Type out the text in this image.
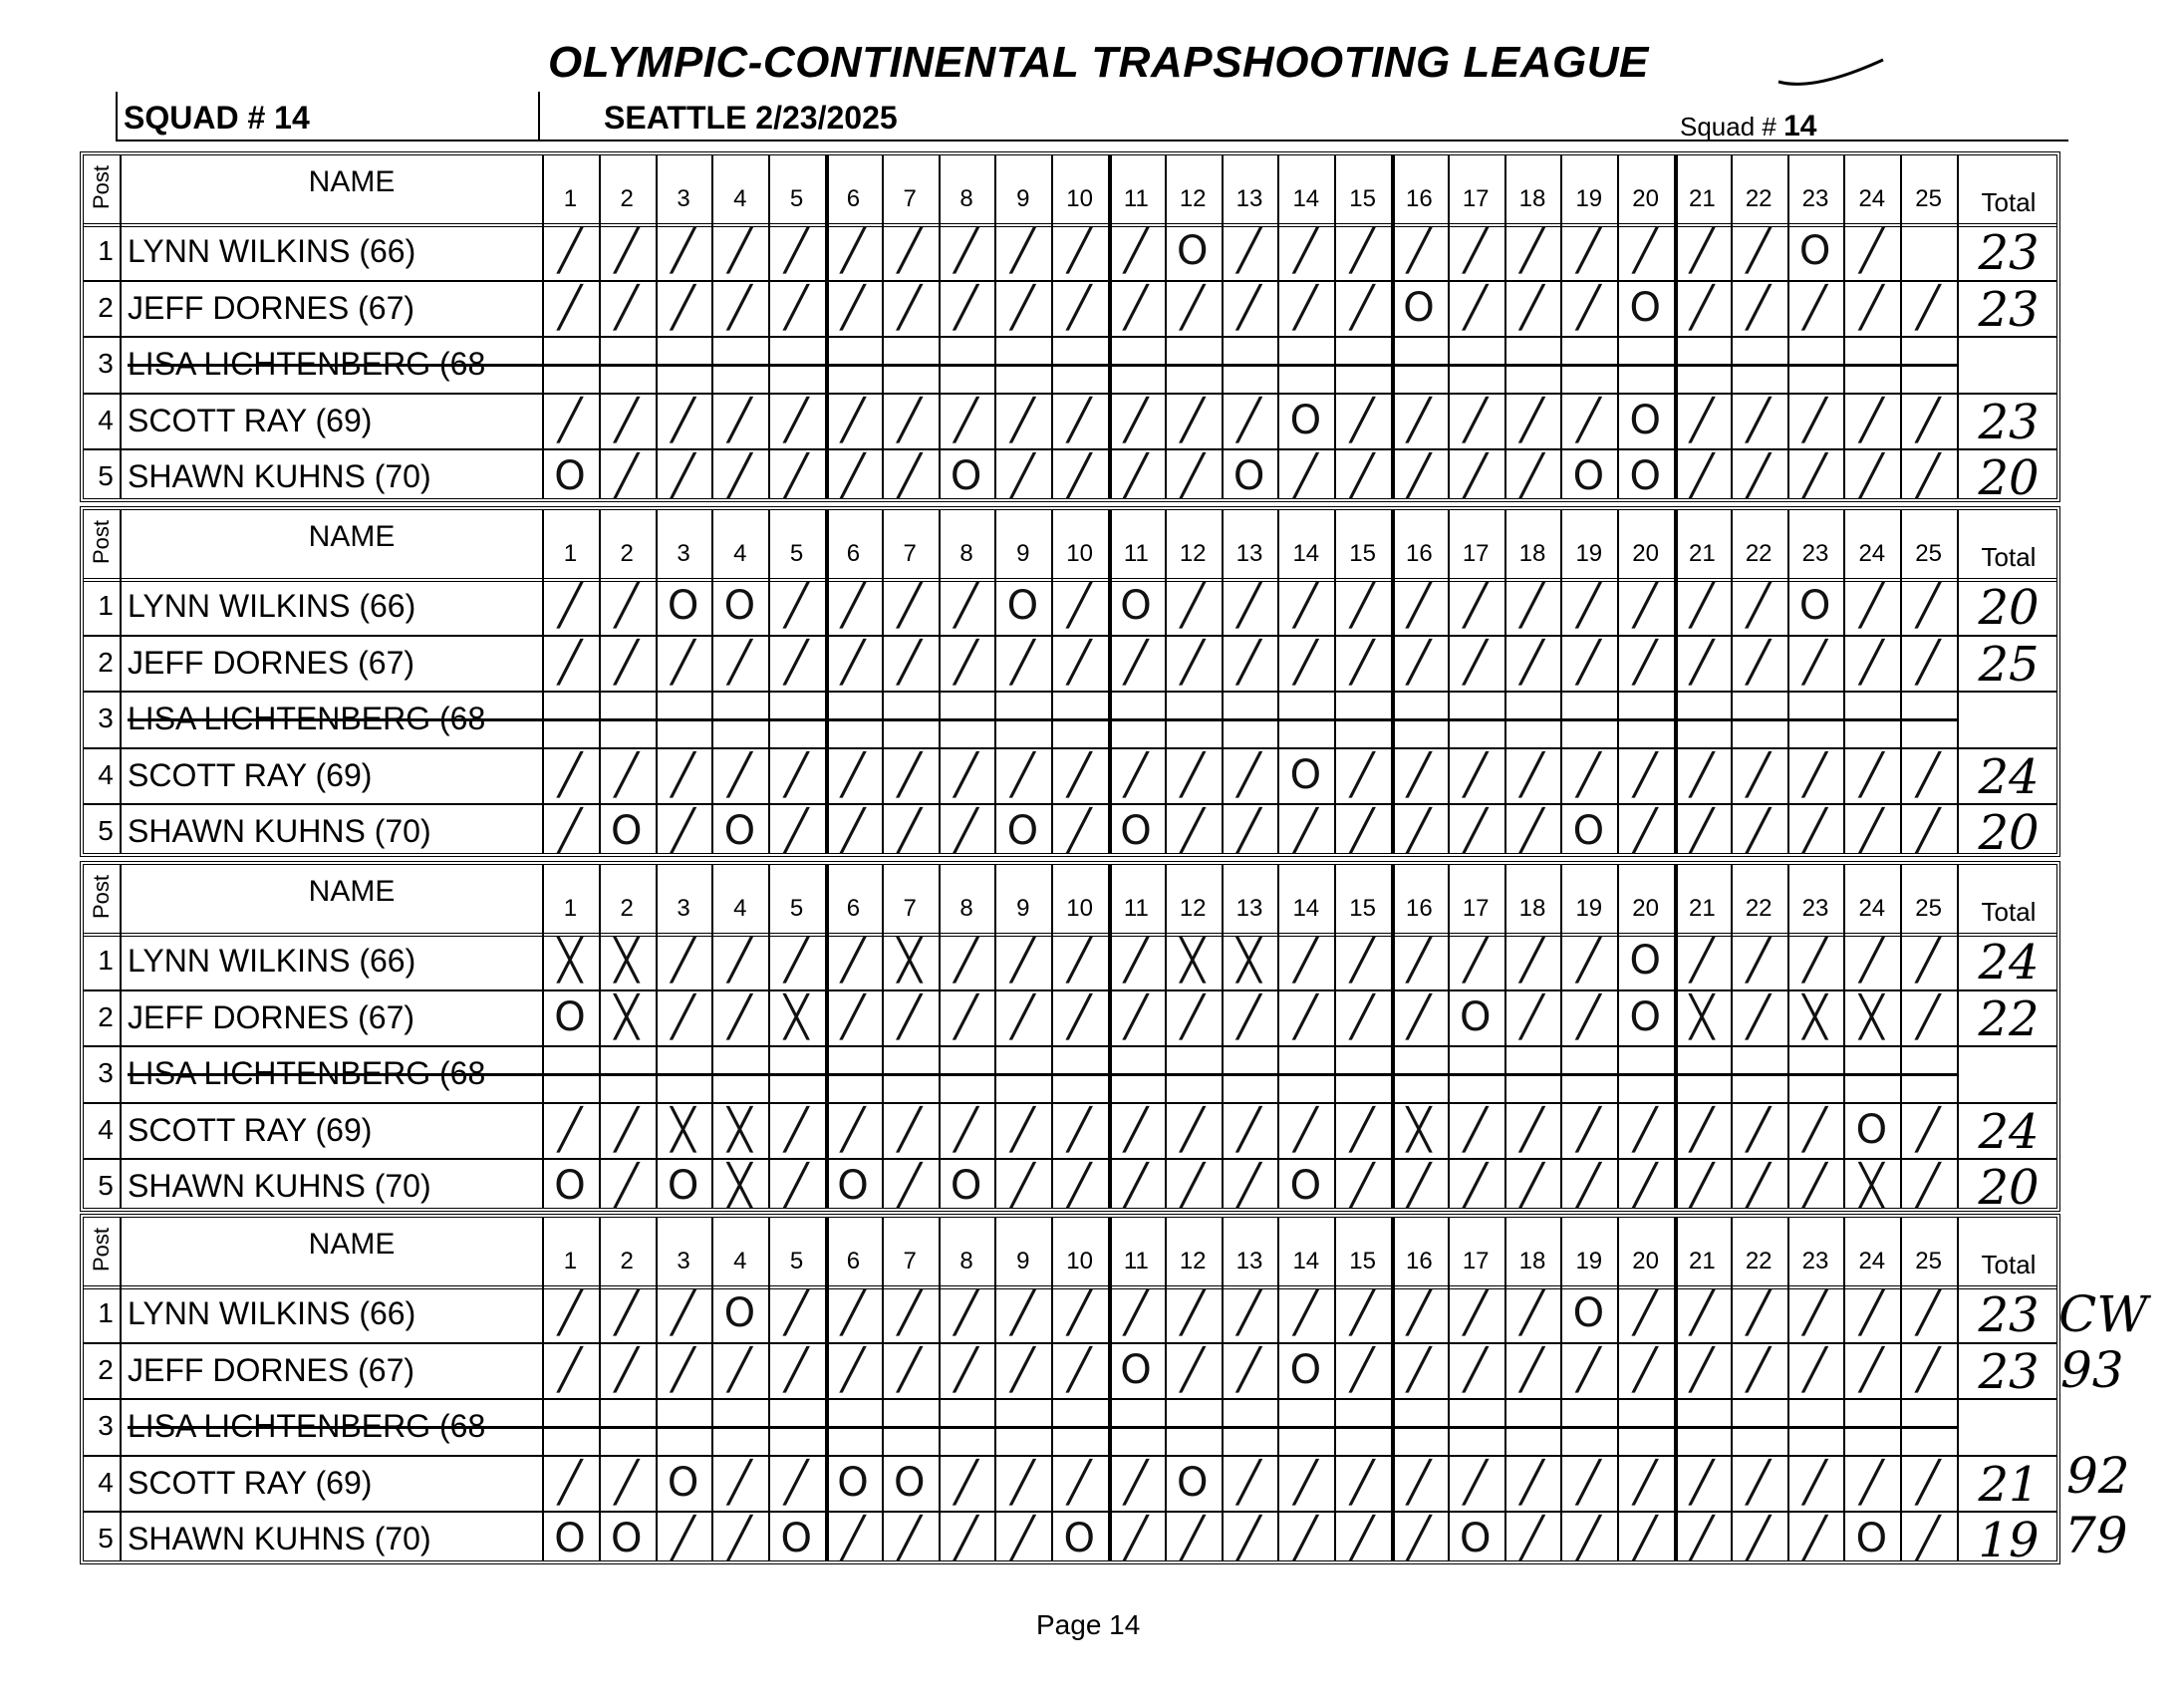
OLYMPIC-CONTINENTAL TRAPSHOOTING LEAGUE
SQUAD # 14	SEATTLE 2/23/2025	Squad # 14
Post	NAME
1	2	3	4	5	6	7	8	9	10	11	12 13 14 15 16 17 18 19 20 21 22 23 24 25	Total
1 LYNN WILKINS (66)	╱ ╱ ╱ ╱ ╱ ╱ ╱ ╱ ╱ ╱ ╱ O ╱ ╱ ╱ ╱ ╱ ╱ ╱ ╱ ╱ ╱ O ╱	23
2 JEFF DORNES (67)	╱ ╱ ╱ ╱ ╱ ╱ ╱ ╱ ╱ ╱ ╱ ╱ ╱ ╱ ╱ O ╱ ╱ ╱ O ╱ ╱ ╱ ╱ ╱ 23
3 LISA LICHTENBERG (68
4 SCOTT RAY (69)	╱ ╱ ╱ ╱ ╱ ╱ ╱ ╱ ╱ ╱ ╱ ╱ ╱ O ╱ ╱ ╱ ╱ ╱ O ╱ ╱ ╱ ╱ ╱ 23
5 SHAWN KUHNS (70)	O ╱ ╱ ╱ ╱ ╱ ╱ O ╱ ╱ ╱ ╱ O ╱ ╱ ╱ ╱ ╱ O O ╱ ╱ ╱ ╱ ╱ 20
Post	NAME
1	2	3	4	5	6	7	8	9	10	11	12 13 14 15 16 17 18 19 20 21 22 23 24 25	Total
1 LYNN WILKINS (66)	╱ ╱ O O ╱ ╱ ╱ ╱ O ╱ O ╱ ╱ ╱ ╱ ╱ ╱ ╱ ╱ ╱ ╱ ╱ O ╱ ╱ 20
2 JEFF DORNES (67)	╱ ╱ ╱ ╱ ╱ ╱ ╱ ╱ ╱ ╱ ╱ ╱ ╱ ╱ ╱ ╱ ╱ ╱ ╱ ╱ ╱ ╱ ╱ ╱ ╱ 25
3 LISA LICHTENBERG (68
4 SCOTT RAY (69)	╱ ╱ ╱ ╱ ╱ ╱ ╱ ╱ ╱ ╱ ╱ ╱ ╱ O ╱ ╱ ╱ ╱ ╱ ╱ ╱ ╱ ╱ ╱ ╱ 24
5 SHAWN KUHNS (70)	╱ O ╱ O ╱ ╱ ╱ ╱ O ╱ O ╱ ╱ ╱ ╱ ╱ ╱ ╱ O ╱ ╱ ╱ ╱ ╱ ╱ 20
Post	NAME
1	2	3	4	5	6	7	8	9	10	11	12 13 14 15 16 17 18 19 20 21 22 23 24 25	Total
1 LYNN WILKINS (66)	╳ ╳ ╱ ╱ ╱ ╱ ╳ ╱ ╱ ╱ ╱ ╳ ╳ ╱ ╱ ╱ ╱ ╱ ╱ O ╱ ╱ ╱ ╱ ╱ 24
2 JEFF DORNES (67)	O ╳ ╱ ╱ ╳ ╱ ╱ ╱ ╱ ╱ ╱ ╱ ╱ ╱ ╱ ╱ O ╱ ╱ O ╳ ╱ ╳ ╳ ╱ 22
3 LISA LICHTENBERG (68
4 SCOTT RAY (69)	╱ ╱ ╳ ╳ ╱ ╱ ╱ ╱ ╱ ╱ ╱ ╱ ╱ ╱ ╱ ╳ ╱ ╱ ╱ ╱ ╱ ╱ ╱ O ╱ 24
5 SHAWN KUHNS (70)	O ╱ O ╳ ╱ O ╱ O ╱ ╱ ╱ ╱ ╱ O ╱ ╱ ╱ ╱ ╱ ╱ ╱ ╱ ╱ ╳ ╱ 20
Post	NAME
1	2	3	4	5	6	7	8	9	10	11	12 13 14 15 16 17 18 19 20 21 22 23 24 25	Total
1 LYNN WILKINS (66)	╱ ╱ ╱ O ╱ ╱ ╱ ╱ ╱ ╱ ╱ ╱ ╱ ╱ ╱ ╱ ╱ ╱ O ╱ ╱ ╱ ╱ ╱ ╱ 23
2 JEFF DORNES (67)	╱ ╱ ╱ ╱ ╱ ╱ ╱ ╱ ╱ ╱ O ╱ ╱ O ╱ ╱ ╱ ╱ ╱ ╱ ╱ ╱ ╱ ╱ ╱ 23
3 LISA LICHTENBERG (68
4 SCOTT RAY (69)	╱ ╱ O ╱ ╱ O O ╱ ╱ ╱ ╱ O ╱ ╱ ╱ ╱ ╱ ╱ ╱ ╱ ╱ ╱ ╱ ╱ ╱ 21
5 SHAWN KUHNS (70)	O O ╱ ╱ O ╱ ╱ ╱ ╱ O ╱ ╱ ╱ ╱ ╱ ╱ O ╱ ╱ ╱ ╱ ╱ ╱ O ╱ 19
CW
93
92
79
Page 14
